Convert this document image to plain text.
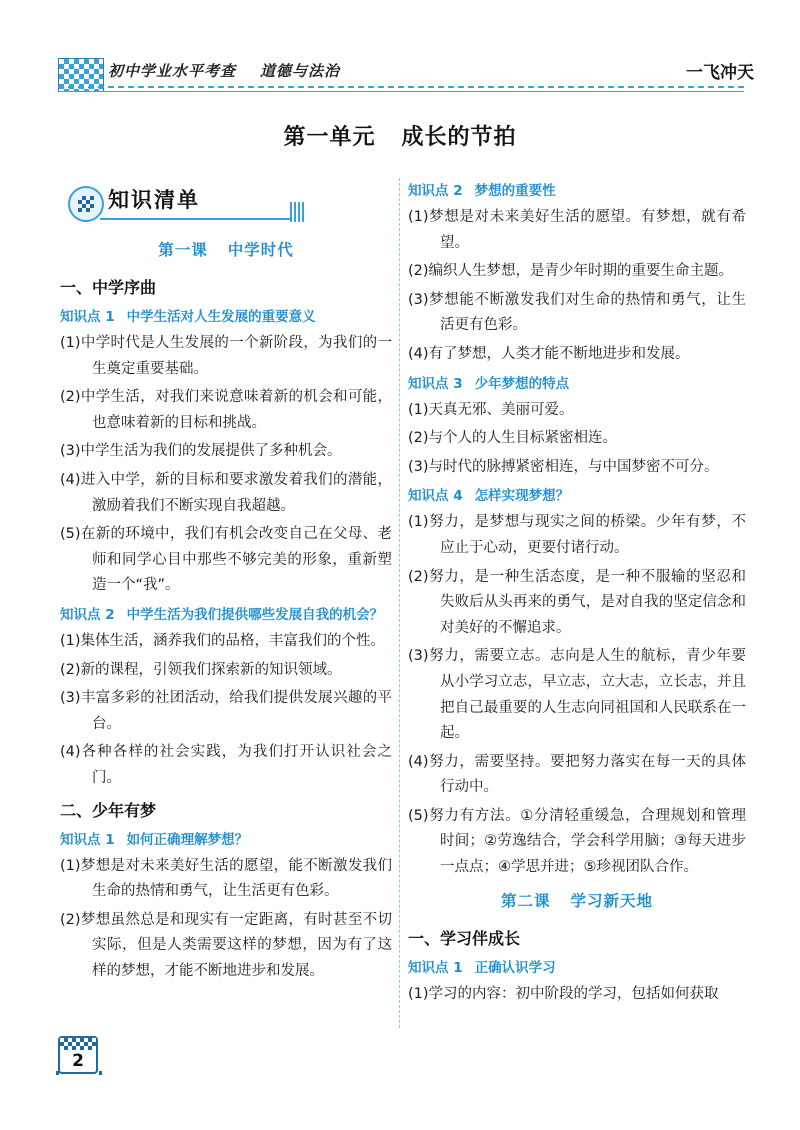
初中学业水平考查 道德与法治	一飞冲天
第一单元 成长的节拍
知识清单
第一课 中学时代
一、中学序曲
知识点 1 中学生活对人生发展的重要意义
(1)中学时代是人生发展的一个新阶段，为我们的一生奠定重要基础。
(2)中学生活，对我们来说意味着新的机会和可能，也意味着新的目标和挑战。
(3)中学生活为我们的发展提供了多种机会。
(4)进入中学，新的目标和要求激发着我们的潜能，激励着我们不断实现自我超越。
(5)在新的环境中，我们有机会改变自己在父母、老师和同学心目中那些不够完美的形象，重新塑造一个“我”。
知识点 2 中学生活为我们提供哪些发展自我的机会？
(1)集体生活，涵养我们的品格，丰富我们的个性。
(2)新的课程，引领我们探索新的知识领域。
(3)丰富多彩的社团活动，给我们提供发展兴趣的平台。
(4)各种各样的社会实践，为我们打开认识社会之门。
二、少年有梦
知识点 1 如何正确理解梦想？
(1)梦想是对未来美好生活的愿望，能不断激发我们生命的热情和勇气，让生活更有色彩。
(2)梦想虽然总是和现实有一定距离，有时甚至不切实际，但是人类需要这样的梦想，因为有了这样的梦想，才能不断地进步和发展。
知识点 2 梦想的重要性
(1)梦想是对未来美好生活的愿望。有梦想，就有希望。
(2)编织人生梦想，是青少年时期的重要生命主题。
(3)梦想能不断激发我们对生命的热情和勇气，让生活更有色彩。
(4)有了梦想，人类才能不断地进步和发展。
知识点 3 少年梦想的特点
(1)天真无邪、美丽可爱。
(2)与个人的人生目标紧密相连。
(3)与时代的脉搏紧密相连，与中国梦密不可分。
知识点 4 怎样实现梦想？
(1)努力，是梦想与现实之间的桥梁。少年有梦，不应止于心动，更要付诸行动。
(2)努力，是一种生活态度，是一种不服输的坚忍和失败后从头再来的勇气，是对自我的坚定信念和对美好的不懈追求。
(3)努力，需要立志。志向是人生的航标，青少年要从小学习立志，早立志，立大志，立长志，并且把自己最重要的人生志向同祖国和人民联系在一起。
(4)努力，需要坚持。要把努力落实在每一天的具体行动中。
(5)努力有方法。①分清轻重缓急，合理规划和管理时间；②劳逸结合，学会科学用脑；③每天进步一点点；④学思并进；⑤珍视团队合作。
第二课 学习新天地
一、学习伴成长
知识点 1 正确认识学习
(1)学习的内容：初中阶段的学习，包括如何获取
2
